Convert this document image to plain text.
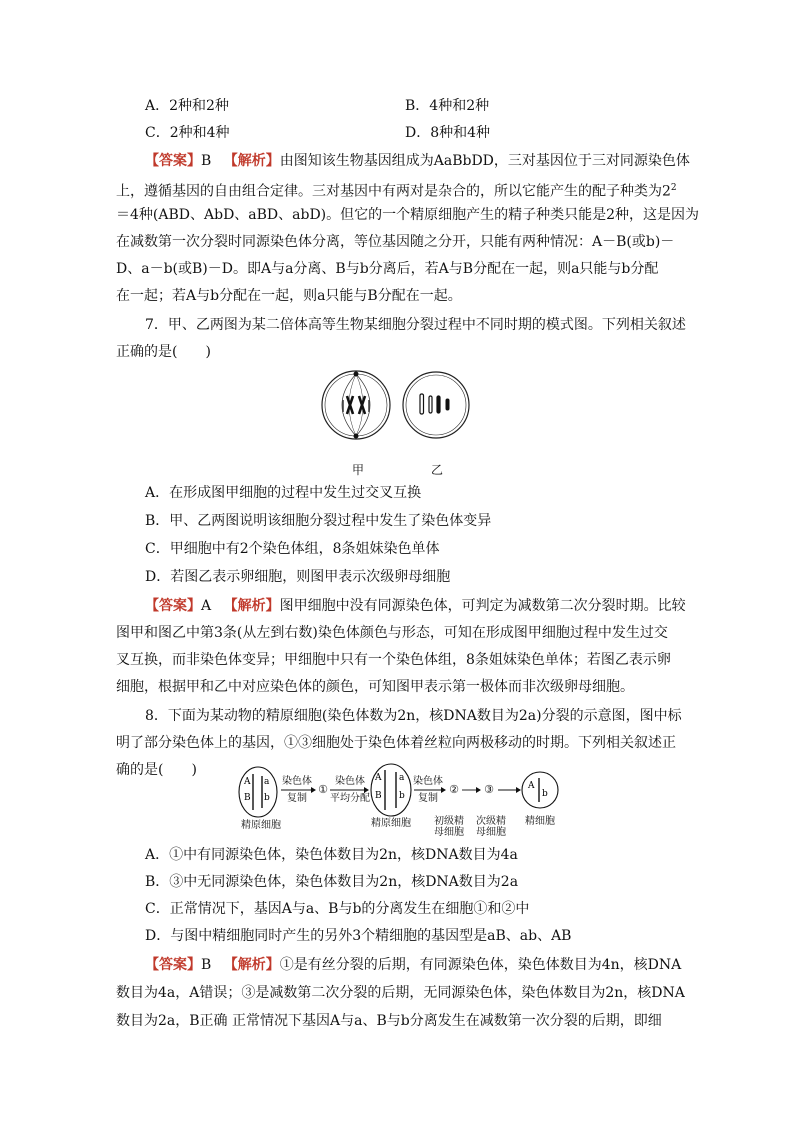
A．2种和2种	B．4种和2种
C．2种和4种	D．8种和4种
【答案】B 【解析】由图知该生物基因组成为AaBbDD，三对基因位于三对同源染色体
上，遵循基因的自由组合定律。三对基因中有两对是杂合的，所以它能产生的配子种类为$2^2$
＝4种(ABD、AbD、aBD、abD)。但它的一个精原细胞产生的精子种类只能是2种，这是因为
在减数第一次分裂时同源染色体分离，等位基因随之分开，只能有两种情况：A－B(或b)－
D、a－b(或B)－D。即A与a分离、B与b分离后，若A与B分配在一起，则a只能与b分配
在一起；若A与b分配在一起，则a只能与B分配在一起。
7．甲、乙两图为某二倍体高等生物某细胞分裂过程中不同时期的模式图。下列相关叙述
正确的是(　　)
甲	乙
A．在形成图甲细胞的过程中发生过交叉互换
B．甲、乙两图说明该细胞分裂过程中发生了染色体变异
C．甲细胞中有2个染色体组，8条姐妹染色单体
D．若图乙表示卵细胞，则图甲表示次级卵母细胞
【答案】A 【解析】图甲细胞中没有同源染色体，可判定为减数第二次分裂时期。比较
图甲和图乙中第3条(从左到右数)染色体颜色与形态，可知在形成图甲细胞过程中发生过交
叉互换，而非染色体变异；甲细胞中只有一个染色体组，8条姐妹染色单体；若图乙表示卵
细胞，根据甲和乙中对应染色体的颜色，可知图甲表示第一极体而非次级卵母细胞。
8．下面为某动物的精原细胞(染色体数为2n，核DNA数目为2a)分裂的示意图，图中标
明了部分染色体上的基因，①③细胞处于染色体着丝粒向两极移动的时期。下列相关叙述正
确的是(　　)
A a
B b
A a
B b
A
b
染色体
复制
①
染色体
平均分配
染色体
复制
② ③
精原细胞	精原细胞	初级精
母细胞
次级精
母细胞
精细胞
A．①中有同源染色体，染色体数目为2n，核DNA数目为4a
B．③中无同源染色体，染色体数目为2n，核DNA数目为2a
C．正常情况下，基因A与a、B与b的分离发生在细胞①和②中
D．与图中精细胞同时产生的另外3个精细胞的基因型是aB、ab、AB
【答案】B 【解析】①是有丝分裂的后期，有同源染色体，染色体数目为4n，核DNA
数目为4a，A错误；③是减数第二次分裂的后期，无同源染色体，染色体数目为2n，核DNA
数目为2a，B正确 正常情况下基因A与a、B与b分离发生在减数第一次分裂的后期，即细
